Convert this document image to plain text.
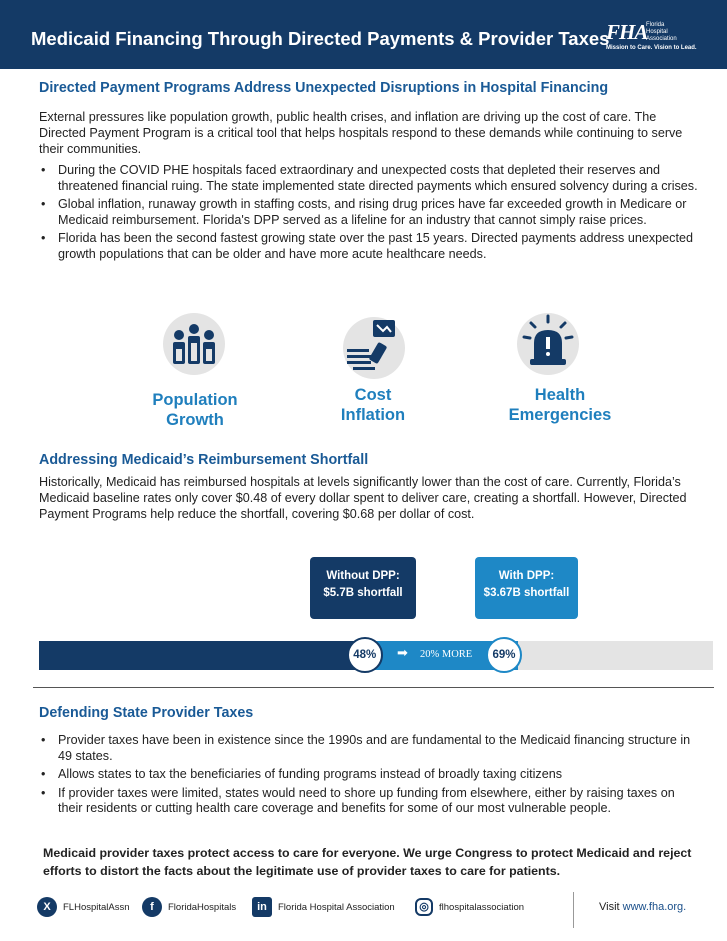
Medicaid Financing Through Directed Payments & Provider Taxes
FHA
Florida
Hospital
Association
Mission to Care. Vision to Lead.
Directed Payment Programs Address Unexpected Disruptions in Hospital Financing
External pressures like population growth, public health crises, and inflation are driving up the cost of care. The Directed Payment Program is a critical tool that helps hospitals respond to these demands while continuing to serve their communities.
• During the COVID PHE hospitals faced extraordinary and unexpected costs that depleted their reserves and threatened financial ruing. The state implemented state directed payments which ensured solvency during a crises.
• Global inflation, runaway growth in staffing costs, and rising drug prices have far exceeded growth in Medicare or Medicaid reimbursement. Florida's DPP served as a lifeline for an industry that cannot simply raise prices.
• Florida has been the second fastest growing state over the past 15 years. Directed payments address unexpected growth populations that can be older and have more acute healthcare needs.
Population
Growth
Cost
Inflation
Health
Emergencies
Addressing Medicaid’s Reimbursement Shortfall
Historically, Medicaid has reimbursed hospitals at levels significantly lower than the cost of care. Currently, Florida’s Medicaid baseline rates only cover $0.48 of every dollar spent to deliver care, creating a shortfall. However, Directed Payment Programs help reduce the shortfall, covering $0.68 per dollar of cost.
Without DPP:
$5.7B shortfall
With DPP:
$3.67B shortfall
➡ 20% MORE
48%	69%
Defending State Provider Taxes
• Provider taxes have been in existence since the 1990s and are fundamental to the Medicaid financing structure in 49 states.
• Allows states to tax the beneficiaries of funding programs instead of broadly taxing citizens
• If provider taxes were limited, states would need to shore up funding from elsewhere, either by raising taxes on their residents or cutting health care coverage and benefits for some of our most vulnerable people.
Medicaid provider taxes protect access to care for everyone. We urge Congress to protect Medicaid and reject efforts to distort the facts about the legitimate use of provider taxes to care for patients.
X	FLHospitalAssn	f	FloridaHospitals	in	Florida Hospital Association	◎	flhospitalassociation	Visit www.fha.org.
